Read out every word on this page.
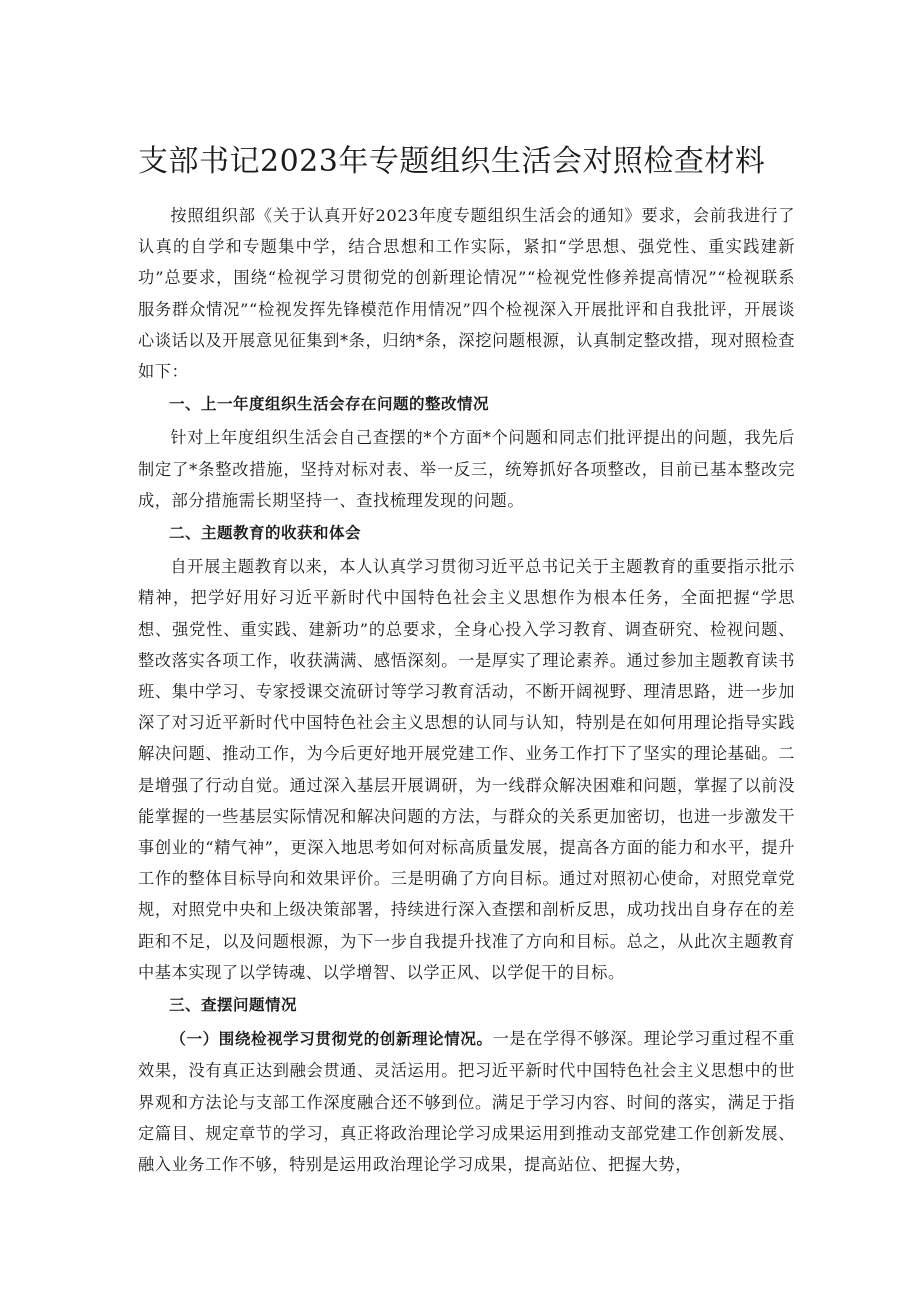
支部书记2023年专题组织生活会对照检查材料

按照组织部《关于认真开好2023年度专题组织生活会的通知》要求，会前我进行了认真的自学和专题集中学，结合思想和工作实际，紧扣“学思想、强党性、重实践建新功”总要求，围绕“检视学习贯彻党的创新理论情况”“检视党性修养提高情况”“检视联系服务群众情况”“检视发挥先锋模范作用情况”四个检视深入开展批评和自我批评，开展谈心谈话以及开展意见征集到*条，归纳*条，深挖问题根源，认真制定整改措，现对照检查如下：

一、上一年度组织生活会存在问题的整改情况

针对上年度组织生活会自己查摆的*个方面*个问题和同志们批评提出的问题，我先后制定了*条整改措施，坚持对标对表、举一反三，统筹抓好各项整改，目前已基本整改完成，部分措施需长期坚持一、查找梳理发现的问题。

二、主题教育的收获和体会

自开展主题教育以来，本人认真学习贯彻习近平总书记关于主题教育的重要指示批示精神，把学好用好习近平新时代中国特色社会主义思想作为根本任务，全面把握“学思想、强党性、重实践、建新功”的总要求，全身心投入学习教育、调查研究、检视问题、整改落实各项工作，收获满满、感悟深刻。一是厚实了理论素养。通过参加主题教育读书班、集中学习、专家授课交流研讨等学习教育活动，不断开阔视野、理清思路，进一步加深了对习近平新时代中国特色社会主义思想的认同与认知，特别是在如何用理论指导实践解决问题、推动工作，为今后更好地开展党建工作、业务工作打下了坚实的理论基础。二是增强了行动自觉。通过深入基层开展调研，为一线群众解决困难和问题，掌握了以前没能掌握的一些基层实际情况和解决问题的方法，与群众的关系更加密切，也进一步激发干事创业的“精气神”，更深入地思考如何对标高质量发展，提高各方面的能力和水平，提升工作的整体目标导向和效果评价。三是明确了方向目标。通过对照初心使命，对照党章党规，对照党中央和上级决策部署，持续进行深入查摆和剖析反思，成功找出自身存在的差距和不足，以及问题根源，为下一步自我提升找准了方向和目标。总之，从此次主题教育中基本实现了以学铸魂、以学增智、以学正风、以学促干的目标。

三、查摆问题情况

（一）围绕检视学习贯彻党的创新理论情况。一是在学得不够深。理论学习重过程不重效果，没有真正达到融会贯通、灵活运用。把习近平新时代中国特色社会主义思想中的世界观和方法论与支部工作深度融合还不够到位。满足于学习内容、时间的落实，满足于指定篇目、规定章节的学习，真正将政治理论学习成果运用到推动支部党建工作创新发展、融入业务工作不够，特别是运用政治理论学习成果，提高站位、把握大势，
